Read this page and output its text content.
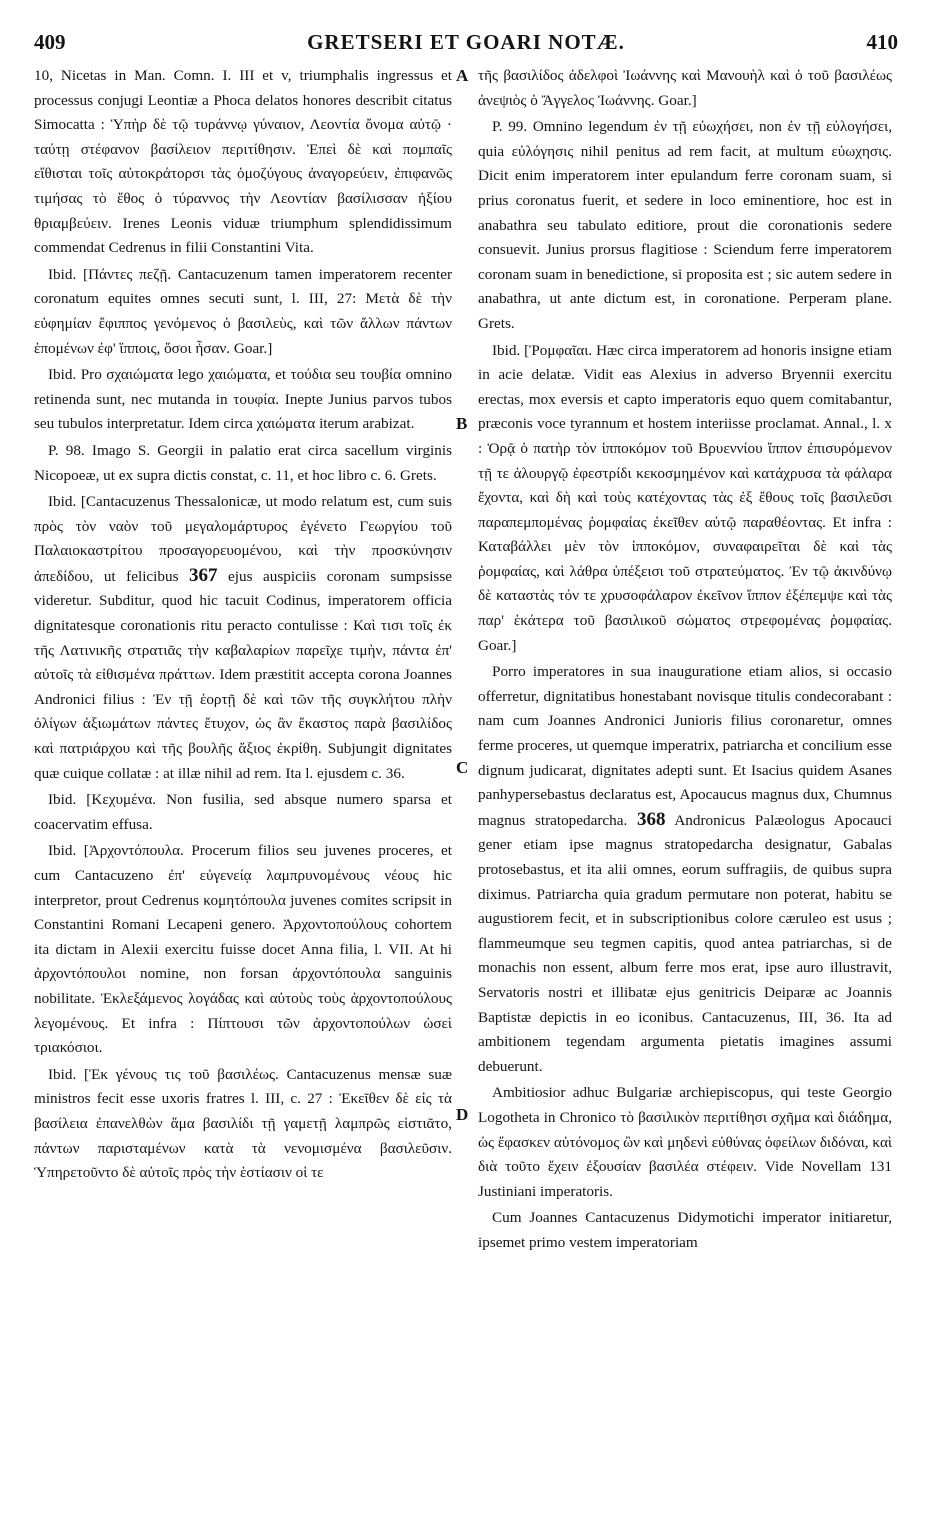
409	GRETSERI ET GOARI NOTÆ.	410
A
B
C
D

10, Nicetas in Man. Comn. I. III et v, triumphalis ingressus et processus conjugi Leontiæ a Phoca delatos honores describit citatus Simocatta : Ὑπὴρ δὲ τῷ τυράννῳ γύναιον, Λεοντία ὄνομα αὐτῷ · ταύτῃ στέφανον βασίλειον περιτίθησιν. Ἐπεὶ δὲ καὶ πομπαῖς εἴθισται τοῖς αὐτοκράτορσι τὰς ὁμοζύγους ἀναγορεύειν, ἐπιφανῶς τιμήσας τὸ ἔθος ὁ τύραννος τὴν Λεοντίαν βασίλισσαν ἠξίου θριαμβεύειν. Irenes Leonis viduæ triumphum splendidissimum commendat Cedrenus in filii Constantini Vita.

Ibid. [Πάντες πεζῇ. Cantacuzenum tamen imperatorem recenter coronatum equites omnes secuti sunt, l. III, 27: Μετὰ δὲ τὴν εὐφημίαν ἔφιππος γενόμενος ὁ βασιλεὺς, καὶ τῶν ἄλλων πάντων ἑπομένων ἐφ' ἵπποις, ὅσοι ἦσαν. Goar.]

Ibid. Pro σχαιώματα lego χαιώματα, et τούδια seu τουβία omnino retinenda sunt, nec mutanda in τουφία. Inepte Junius parvos tubos seu tubulos interpretatur. Idem circa χαιώματα iterum arabizat.

P. 98. Imago S. Georgii in palatio erat circa sacellum virginis Nicopoeæ, ut ex supra dictis constat, c. 11, et hoc libro c. 6. Grets.

Ibid. [Cantacuzenus Thessalonicæ, ut modo relatum est, cum suis πρὸς τὸν ναὸν τοῦ μεγαλομάρτυρος ἐγένετο Γεωργίου τοῦ Παλαιοκαστρίτου προσαγορευομένου, καὶ τὴν προσκύνησιν ἀπεδίδου, ut felicibus 367 ejus auspiciis coronam sumpsisse videretur. Subditur, quod hic tacuit Codinus, imperatorem officia dignitatesque coronationis ritu peracto contulisse : Καὶ τισι τοῖς ἐκ τῆς Λατινικῆς στρατιᾶς τὴν καβαλαρίων παρεῖχε τιμὴν, πάντα ἐπ' αὐτοῖς τὰ εἰθισμένα πράττων. Idem præstitit accepta corona Joannes Andronici filius : Ἐν τῇ ἑορτῇ δὲ καὶ τῶν τῆς συγκλήτου πλὴν ὀλίγων ἀξιωμάτων πάντες ἔτυχον, ὡς ἂν ἕκαστος παρὰ βασιλίδος καὶ πατριάρχου καὶ τῆς βουλῆς ἄξιος ἐκρίθη. Subjungit dignitates quæ cuique collatæ : at illæ nihil ad rem. Ita l. ejusdem c. 36.

Ibid. [Κεχυμένα. Non fusilia, sed absque numero sparsa et coacervatim effusa.

Ibid. [Ἀρχοντόπουλα. Procerum filios seu juvenes proceres, et cum Cantacuzeno ἐπ' εὐγενείᾳ λαμπρυνομένους νέους hic interpretor, prout Cedrenus κομητόπουλα juvenes comites scripsit in Constantini Romani Lecapeni genero. Ἀρχοντοπούλους cohortem ita dictam in Alexii exercitu fuisse docet Anna filia, l. VII. At hi ἀρχοντόπουλοι nomine, non forsan ἀρχοντόπουλα sanguinis nobilitate. Ἐκλεξάμενος λογάδας καὶ αὐτοὺς τοὺς ἀρχοντοπούλους λεγομένους. Et infra : Πίπτουσι τῶν ἀρχοντοπούλων ὡσεὶ τριακόσιοι.

Ibid. [Ἐκ γένους τις τοῦ βασιλέως. Cantacuzenus mensæ suæ ministros fecit esse uxoris fratres l. III, c. 27 : Ἐκεῖθεν δὲ εἰς τὰ βασίλεια ἐπανελθὼν ἅμα βασιλίδι τῇ γαμετῇ λαμπρῶς εἱστιᾶτο, πάντων παρισταμένων κατὰ τὰ νενομισμένα βασιλεῦσιν. Ὑπηρετοῦντο δὲ αὐτοῖς πρὸς τὴν ἑστίασιν οἱ τε

τῆς βασιλίδος ἀδελφοὶ Ἰωάννης καὶ Μανουὴλ καὶ ὁ τοῦ βασιλέως ἀνεψιὸς ὁ Ἄγγελος Ἰωάννης. Goar.]

P. 99. Omnino legendum ἐν τῇ εὐωχήσει, non ἐν τῇ εὐλογήσει, quia εὐλόγησις nihil penitus ad rem facit, at multum εὐωχησις. Dicit enim imperatorem inter epulandum ferre coronam suam, si prius coronatus fuerit, et sedere in loco eminentiore, hoc est in anabathra seu tabulato editiore, prout die coronationis sedere consuevit. Junius prorsus flagitiose : Sciendum ferre imperatorem coronam suam in benedictione, si proposita est ; sic autem sedere in anabathra, ut ante dictum est, in coronatione. Perperam plane. Grets.

Ibid. [Ῥομφαῖαι. Hæc circa imperatorem ad honoris insigne etiam in acie delatæ. Vidit eas Alexius in adverso Bryennii exercitu erectas, mox eversis et capto imperatoris equo quem comitabantur, præconis voce tyrannum et hostem interiisse proclamat. Annal., l. x : Ὁρᾷ ὁ πατὴρ τὸν ἱπποκόμον τοῦ Βρυεννίου ἵππον ἐπισυρόμενον τῇ τε ἁλουργῷ ἐφεστρίδι κεκοσμημένον καὶ κατάχρυσα τὰ φάλαρα ἔχοντα, καὶ δὴ καὶ τοὺς κατέχοντας τὰς ἐξ ἔθους τοῖς βασιλεῦσι παραπεμπομένας ῥομφαίας ἐκεῖθεν αὐτῷ παραθέοντας. Et infra : Καταβάλλει μὲν τὸν ἱπποκόμον, συναφαιρεῖται δὲ καὶ τὰς ῥομφαίας, καὶ λάθρα ὑπέξεισι τοῦ στρατεύματος. Ἐν τῷ ἀκινδύνῳ δὲ καταστὰς τόν τε χρυσοφάλαρον ἐκεῖνον ἵππον ἐξέπεμψε καὶ τὰς παρ' ἑκάτερα τοῦ βασιλικοῦ σώματος στρεφομένας ῥομφαίας. Goar.]

Porro imperatores in sua inauguratione etiam alios, si occasio offerretur, dignitatibus honestabant novisque titulis condecorabant : nam cum Joannes Andronici Junioris filius coronaretur, omnes ferme proceres, ut quemque imperatrix, patriarcha et concilium esse dignum judicarat, dignitates adepti sunt. Et Isacius quidem Asanes panhypersebastus declaratus est, Apocaucus magnus dux, Chumnus magnus stratopedarcha. 368 Andronicus Palæologus Apocauci gener etiam ipse magnus stratopedarcha designatur, Gabalas protosebastus, et ita alii omnes, eorum suffragiis, de quibus supra diximus. Patriarcha quia gradum permutare non poterat, habitu se augustiorem fecit, et in subscriptionibus colore cæruleo est usus ; flammeumque seu tegmen capitis, quod antea patriarchas, si de monachis non essent, album ferre mos erat, ipse auro illustravit, Servatoris nostri et illibatæ ejus genitricis Deiparæ ac Joannis Baptistæ depictis in eo iconibus. Cantacuzenus, III, 36. Ita ad ambitionem tegendam argumenta pietatis imagines assumi debuerunt.

Ambitiosior adhuc Bulgariæ archiepiscopus, qui teste Georgio Logotheta in Chronico τὸ βασιλικὸν περιτίθησι σχῆμα καὶ διάδημα, ὡς ἔφασκεν αὐτόνομος ὢν καὶ μηδενὶ εὐθύνας ὀφείλων διδόναι, καὶ διὰ τοῦτο ἔχειν ἐξουσίαν βασιλέα στέφειν. Vide Novellam 131 Justiniani imperatoris.

Cum Joannes Cantacuzenus Didymotichi imperator initiaretur, ipsemet primo vestem imperatoriam
